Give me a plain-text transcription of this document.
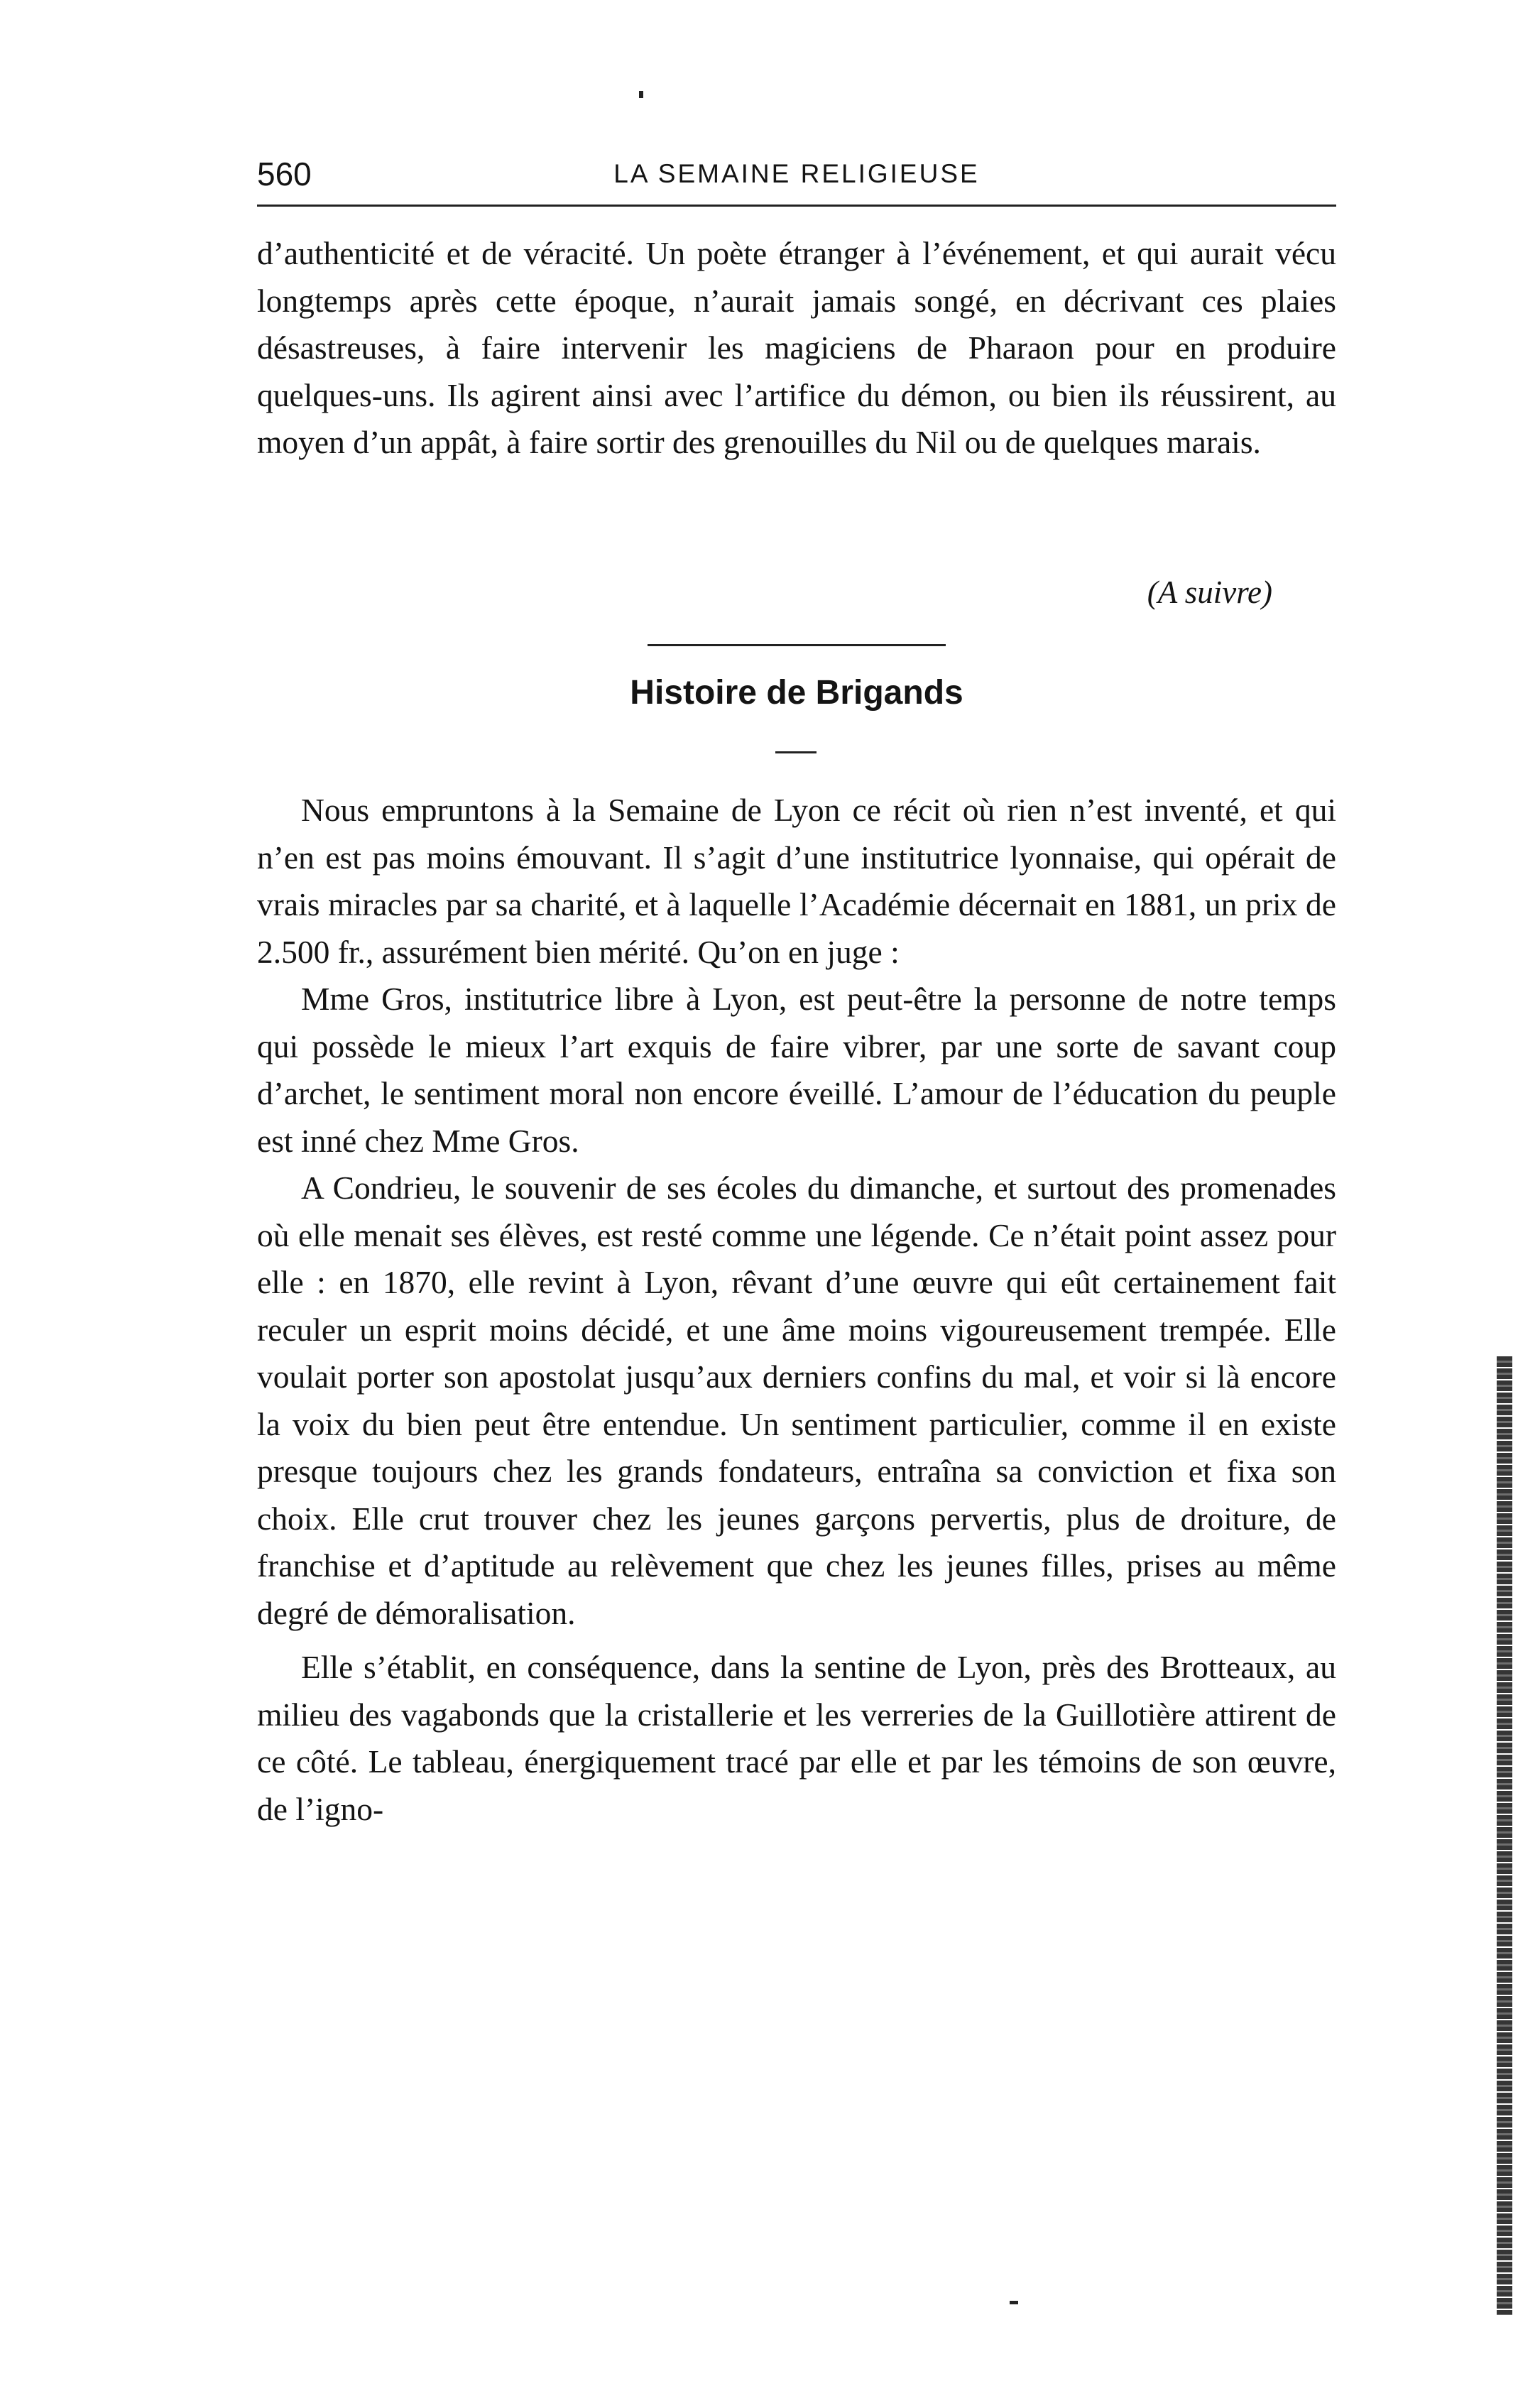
560	LA SEMAINE RELIGIEUSE

d’authenticité et de véracité. Un poète étranger à l’événement, et qui aurait vécu longtemps après cette époque, n’aurait jamais songé, en décrivant ces plaies désastreuses, à faire intervenir les magiciens de Pharaon pour en produire quelques-uns. Ils agirent ainsi avec l’artifice du démon, ou bien ils réussirent, au moyen d’un appât, à faire sortir des grenouilles du Nil ou de quelques marais.

(A suivre)
Histoire de Brigands

Nous empruntons à la Semaine de Lyon ce récit où rien n’est inventé, et qui n’en est pas moins émouvant. Il s’agit d’une institutrice lyonnaise, qui opérait de vrais miracles par sa charité, et à laquelle l’Académie décernait en 1881, un prix de 2.500 fr., assurément bien mérité. Qu’on en juge :

Mme Gros, institutrice libre à Lyon, est peut-être la personne de notre temps qui possède le mieux l’art exquis de faire vibrer, par une sorte de savant coup d’archet, le sentiment moral non encore éveillé. L’amour de l’éducation du peuple est inné chez Mme Gros.

A Condrieu, le souvenir de ses écoles du dimanche, et surtout des promenades où elle menait ses élèves, est resté comme une légende. Ce n’était point assez pour elle : en 1870, elle revint à Lyon, rêvant d’une œuvre qui eût certainement fait reculer un esprit moins décidé, et une âme moins vigoureusement trempée. Elle voulait porter son apostolat jusqu’aux derniers confins du mal, et voir si là encore la voix du bien peut être entendue. Un sentiment particulier, comme il en existe presque toujours chez les grands fondateurs, entraîna sa conviction et fixa son choix. Elle crut trouver chez les jeunes garçons pervertis, plus de droiture, de franchise et d’aptitude au relèvement que chez les jeunes filles, prises au même degré de démoralisation.

Elle s’établit, en conséquence, dans la sentine de Lyon, près des Brotteaux, au milieu des vagabonds que la cristallerie et les verreries de la Guillotière attirent de ce côté. Le tableau, énergiquement tracé par elle et par les témoins de son œuvre, de l’igno-
